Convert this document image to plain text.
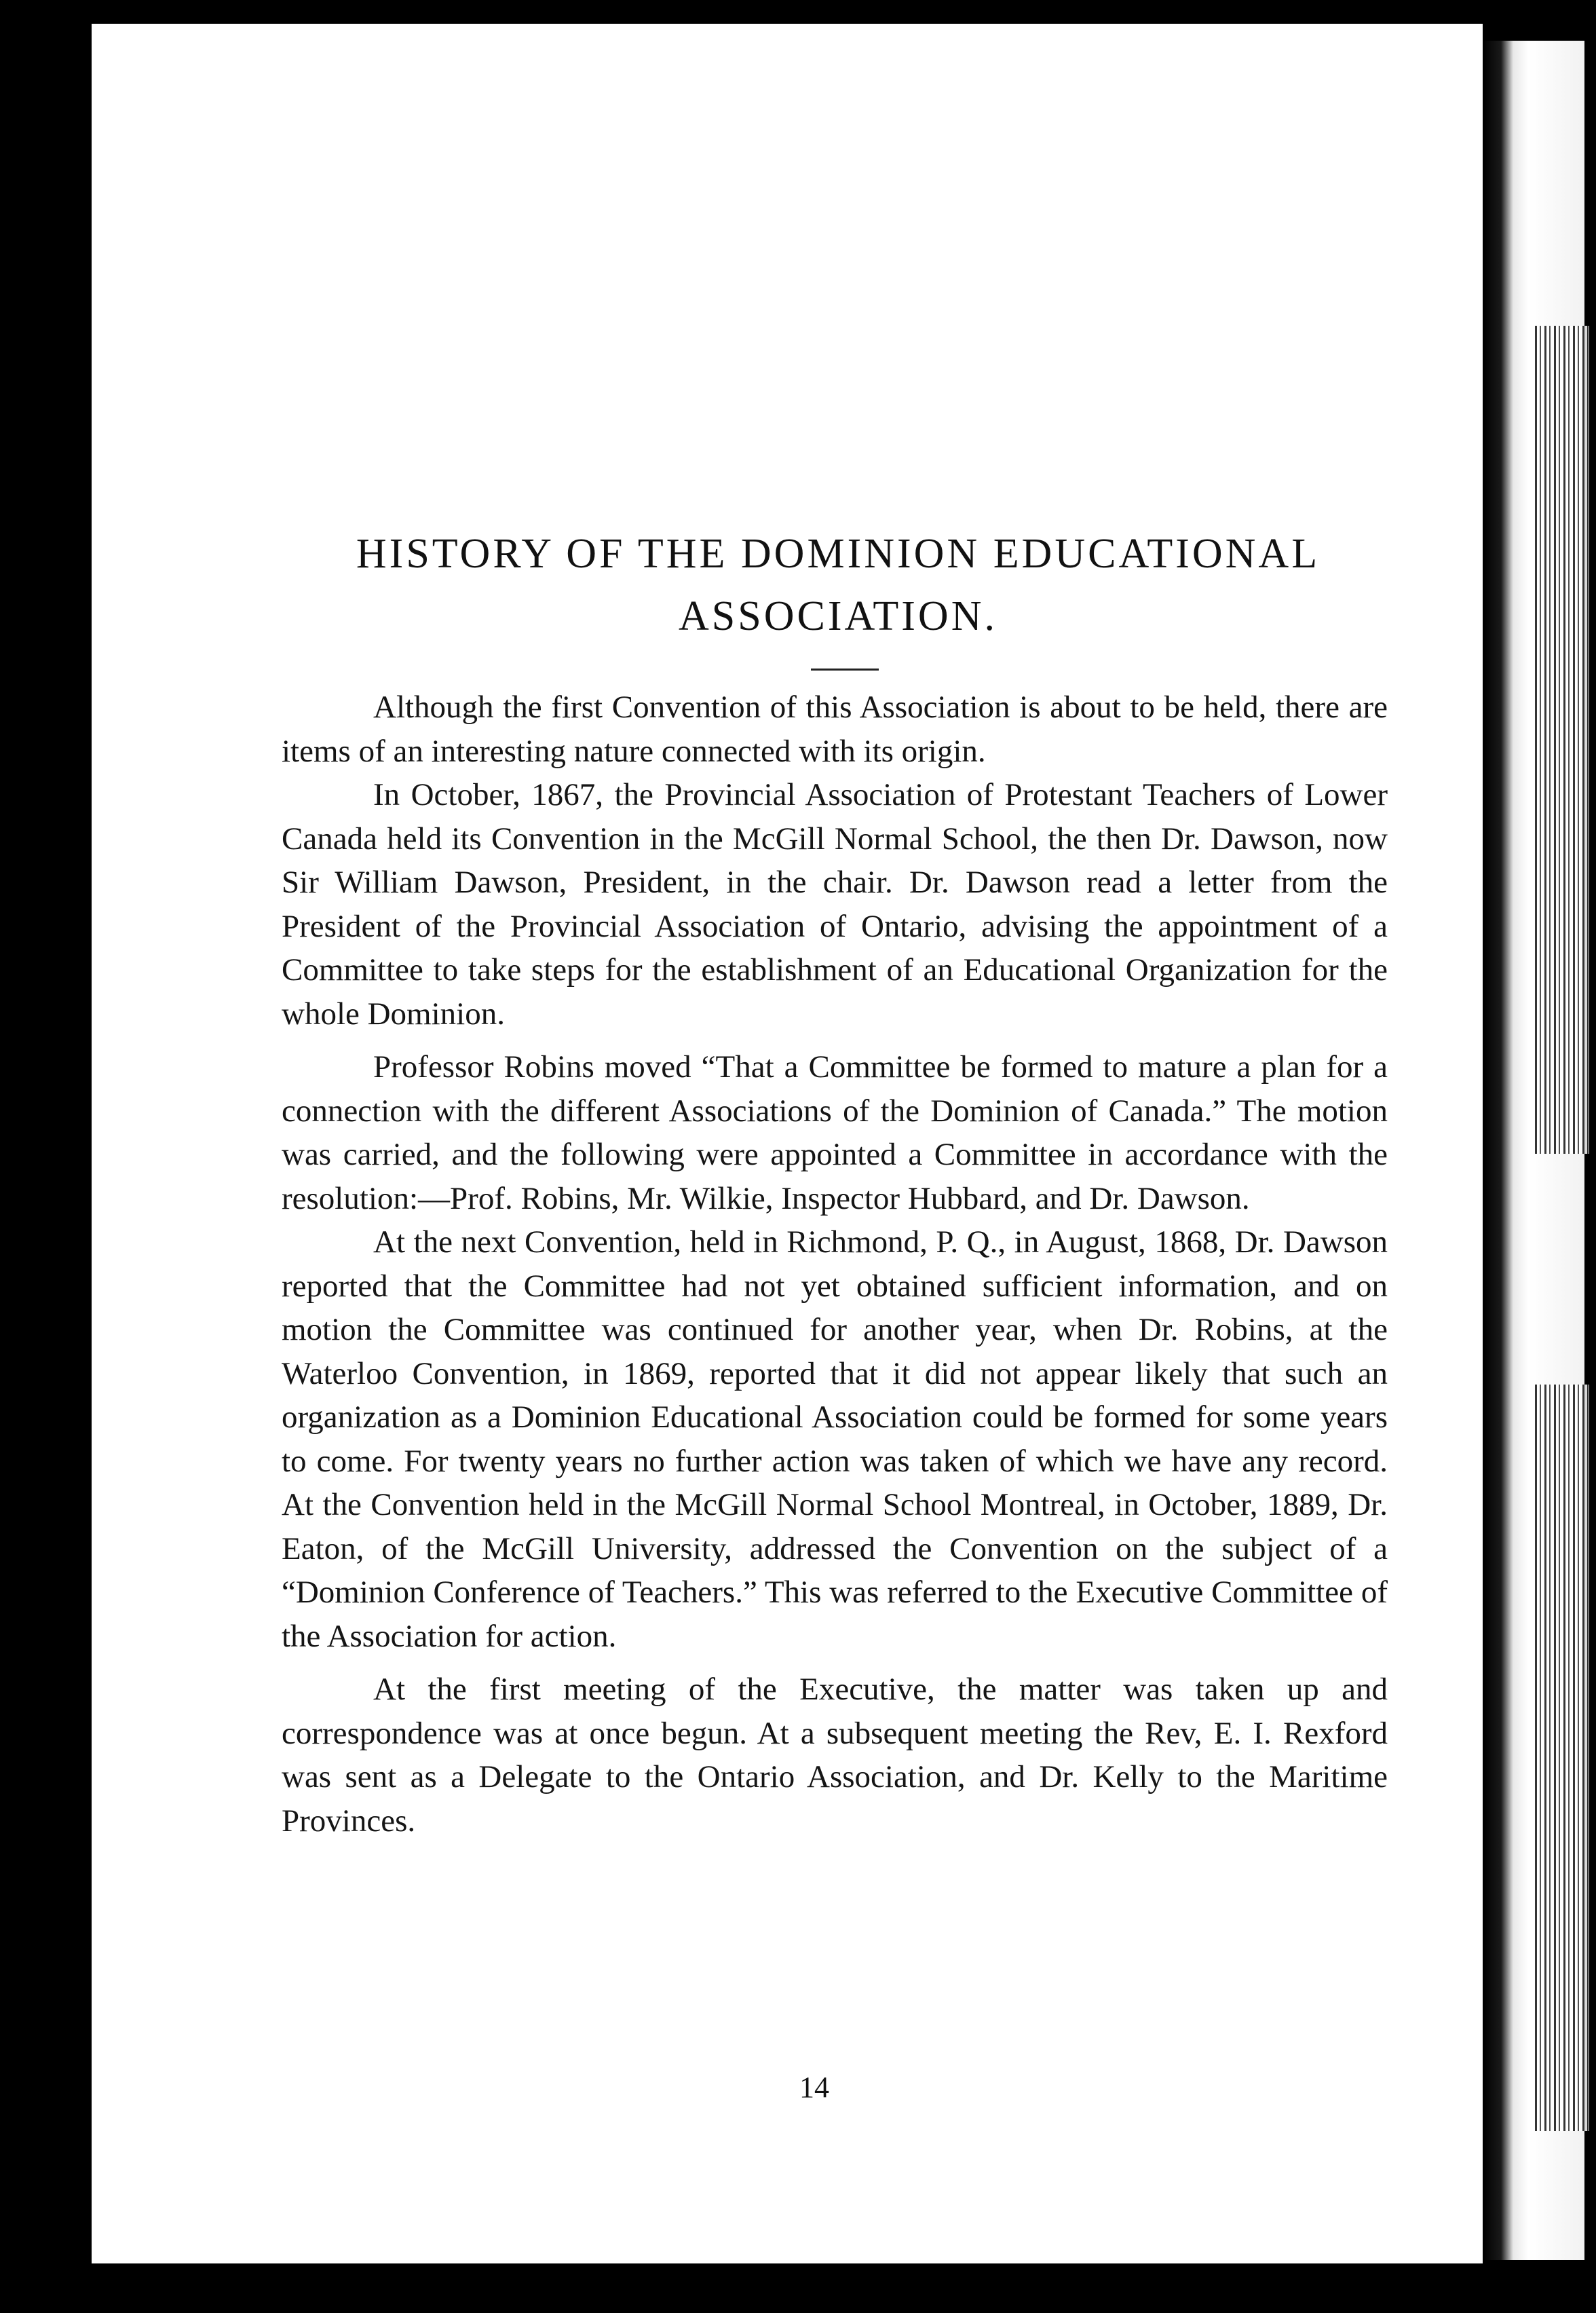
HISTORY OF THE DOMINION EDUCATIONAL
ASSOCIATION.

Although the first Convention of this Association is about to be held, there are items of an interesting nature connected with its origin.

In October, 1867, the Provincial Association of Protestant Teachers of Lower Canada held its Convention in the McGill Normal School, the then Dr. Dawson, now Sir William Dawson, President, in the chair. Dr. Dawson read a letter from the President of the Provincial Association of Ontario, advising the appointment of a Committee to take steps for the establishment of an Educational Organization for the whole Dominion.

Professor Robins moved “That a Committee be formed to mature a plan for a connection with the different Associations of the Dominion of Canada.” The motion was carried, and the following were appointed a Committee in accordance with the resolution:—Prof. Robins, Mr. Wilkie, Inspector Hubbard, and Dr. Dawson.

At the next Convention, held in Richmond, P. Q., in August, 1868, Dr. Dawson reported that the Committee had not yet obtained sufficient information, and on motion the Committee was continued for another year, when Dr. Robins, at the Waterloo Convention, in 1869, reported that it did not appear likely that such an organization as a Dominion Educational Association could be formed for some years to come. For twenty years no further action was taken of which we have any record. At the Convention held in the McGill Normal School Montreal, in October, 1889, Dr. Eaton, of the McGill University, addressed the Convention on the subject of a “Dominion Conference of Teachers.” This was referred to the Executive Committee of the Association for action.

At the first meeting of the Executive, the matter was taken up and correspondence was at once begun. At a subsequent meeting the Rev, E. I. Rexford was sent as a Delegate to the Ontario Association, and Dr. Kelly to the Maritime Provinces.

14
